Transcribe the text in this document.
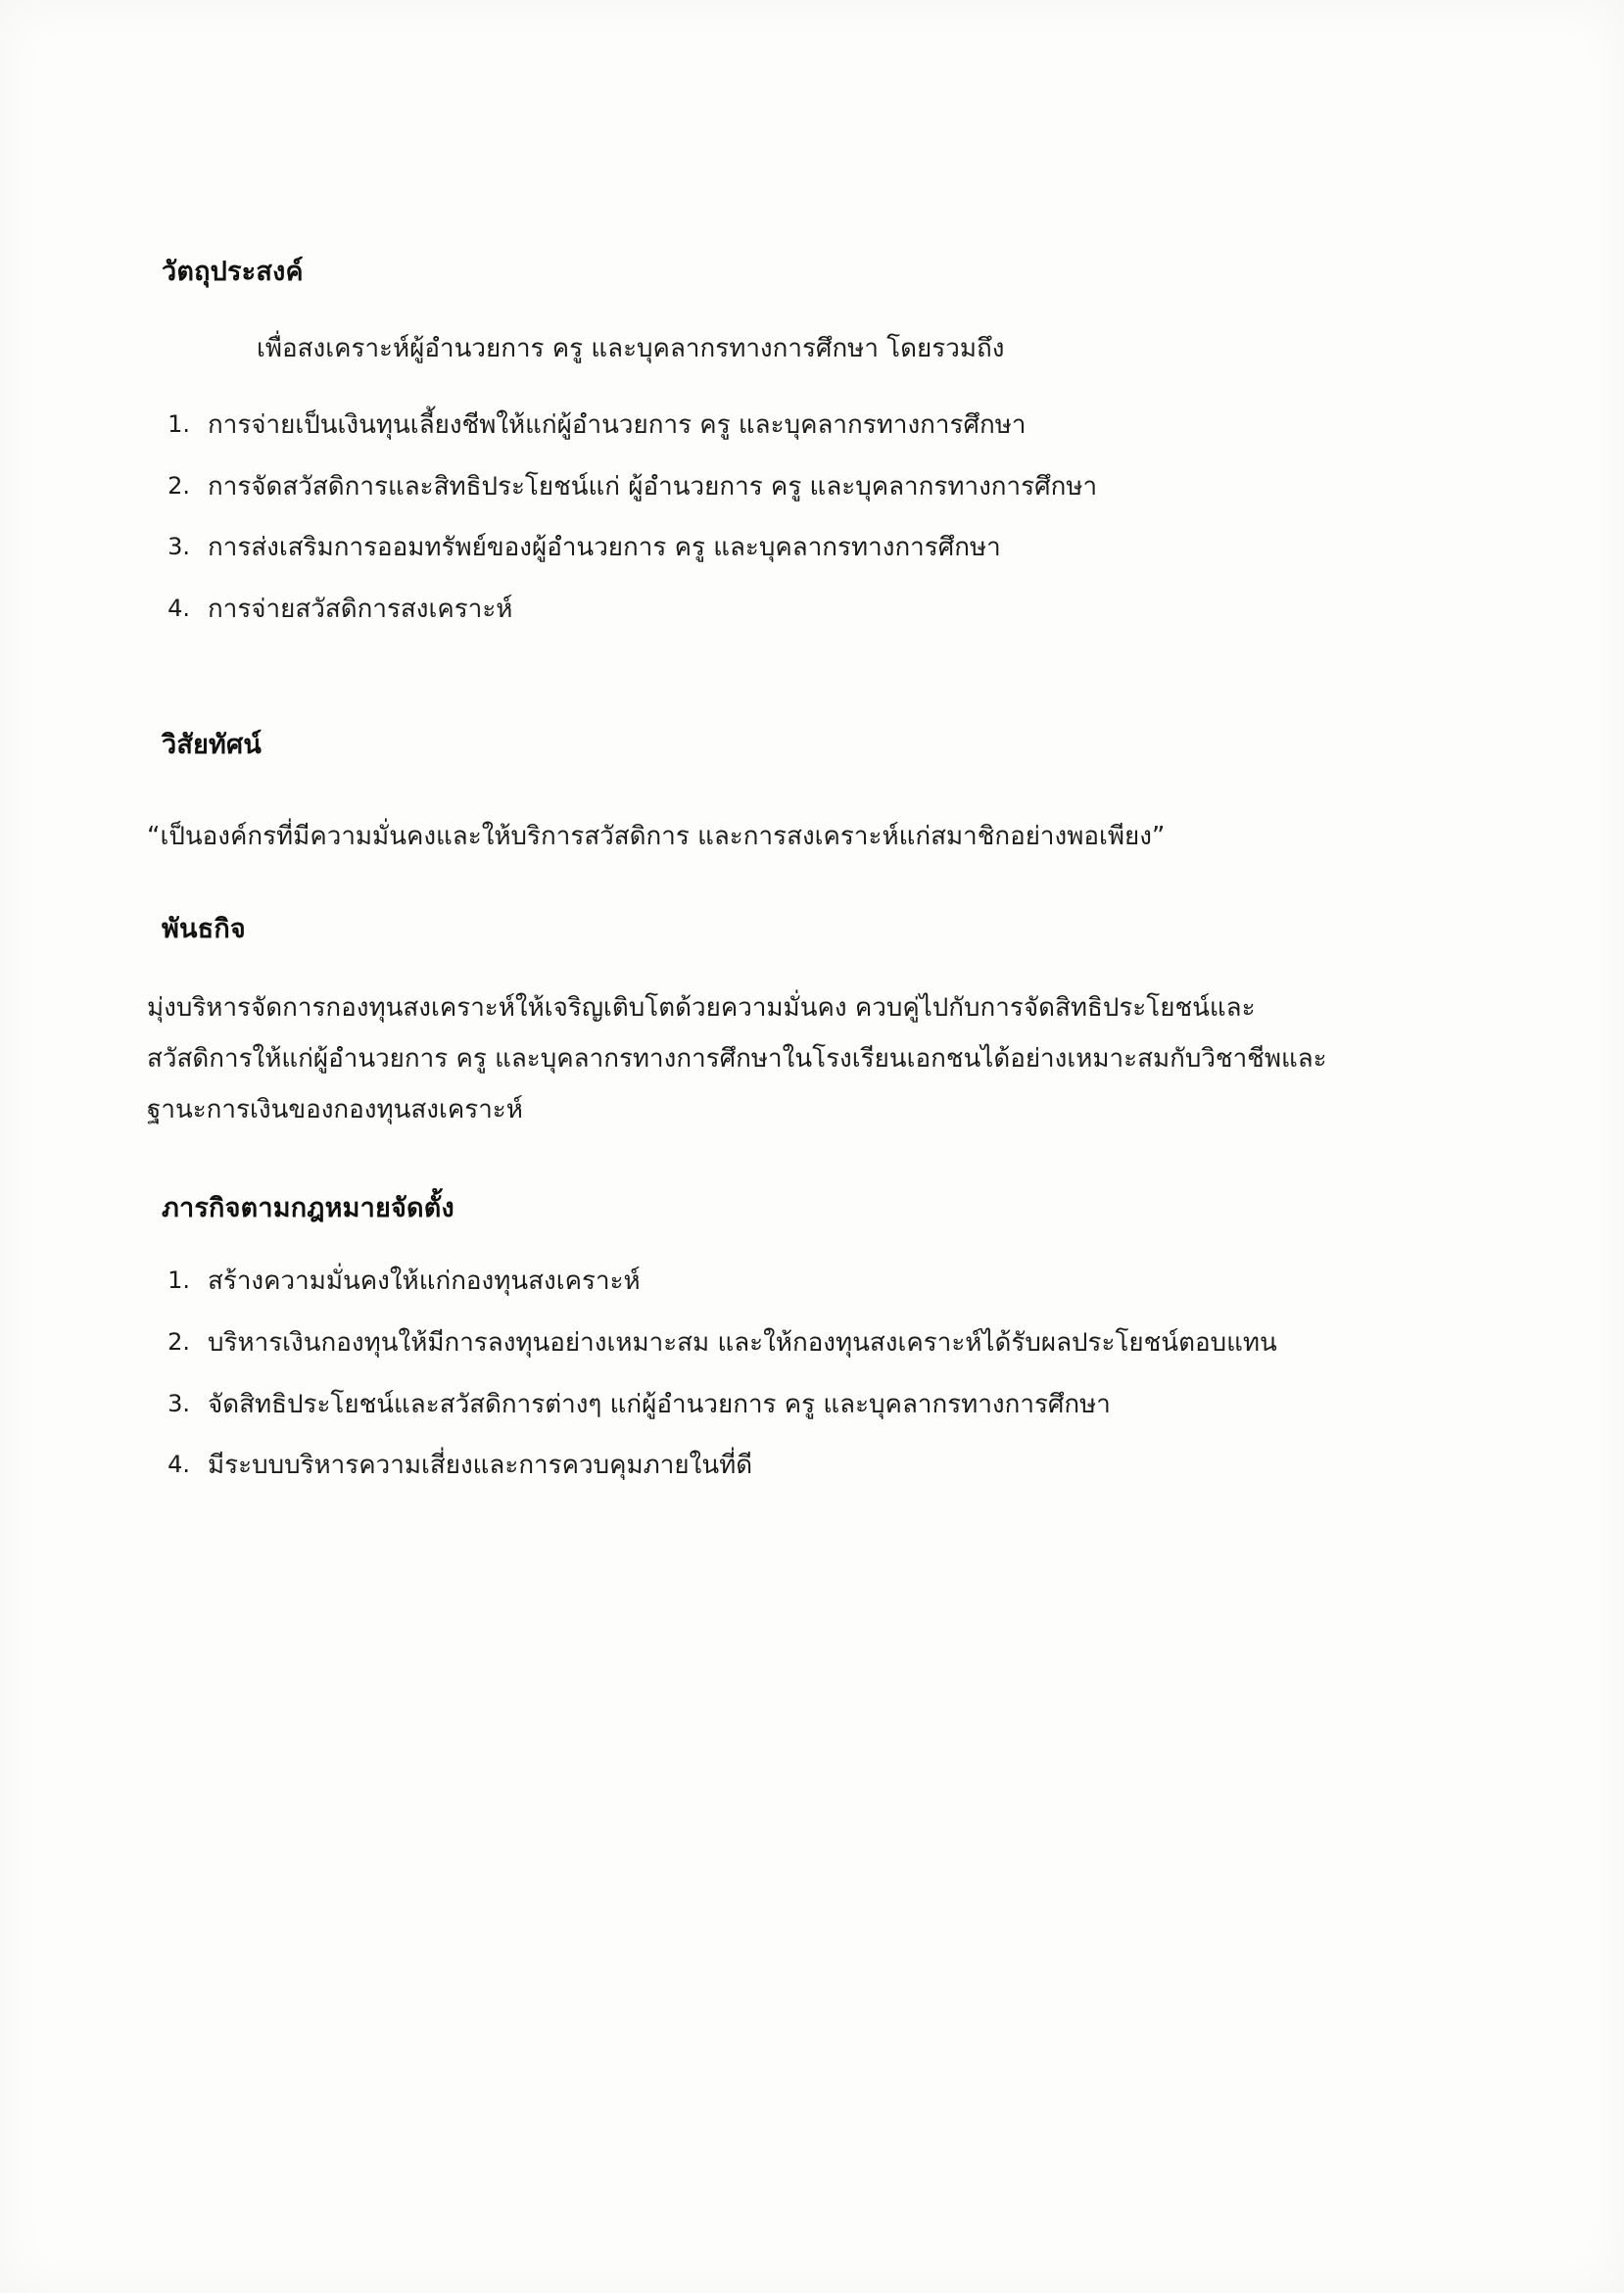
วัตถุประสงค์

เพื่อสงเคราะห์ผู้อำนวยการ ครู และบุคลากรทางการศึกษา โดยรวมถึง

1. การจ่ายเป็นเงินทุนเลี้ยงชีพให้แก่ผู้อำนวยการ ครู และบุคลากรทางการศึกษา
2. การจัดสวัสดิการและสิทธิประโยชน์แก่ ผู้อำนวยการ ครู และบุคลากรทางการศึกษา
3. การส่งเสริมการออมทรัพย์ของผู้อำนวยการ ครู และบุคลากรทางการศึกษา
4. การจ่ายสวัสดิการสงเคราะห์
วิสัยทัศน์

“เป็นองค์กรที่มีความมั่นคงและให้บริการสวัสดิการ และการสงเคราะห์แก่สมาชิกอย่างพอเพียง”

พันธกิจ

มุ่งบริหารจัดการกองทุนสงเคราะห์ให้เจริญเติบโตด้วยความมั่นคง ควบคู่ไปกับการจัดสิทธิประโยชน์และสวัสดิการให้แก่ผู้อำนวยการ ครู และบุคลากรทางการศึกษาในโรงเรียนเอกชนได้อย่างเหมาะสมกับวิชาชีพและฐานะการเงินของกองทุนสงเคราะห์

ภารกิจตามกฎหมายจัดตั้ง
1. สร้างความมั่นคงให้แก่กองทุนสงเคราะห์
2. บริหารเงินกองทุนให้มีการลงทุนอย่างเหมาะสม และให้กองทุนสงเคราะห์ได้รับผลประโยชน์ตอบแทน
3. จัดสิทธิประโยชน์และสวัสดิการต่างๆ แก่ผู้อำนวยการ ครู และบุคลากรทางการศึกษา
4. มีระบบบริหารความเสี่ยงและการควบคุมภายในที่ดี
